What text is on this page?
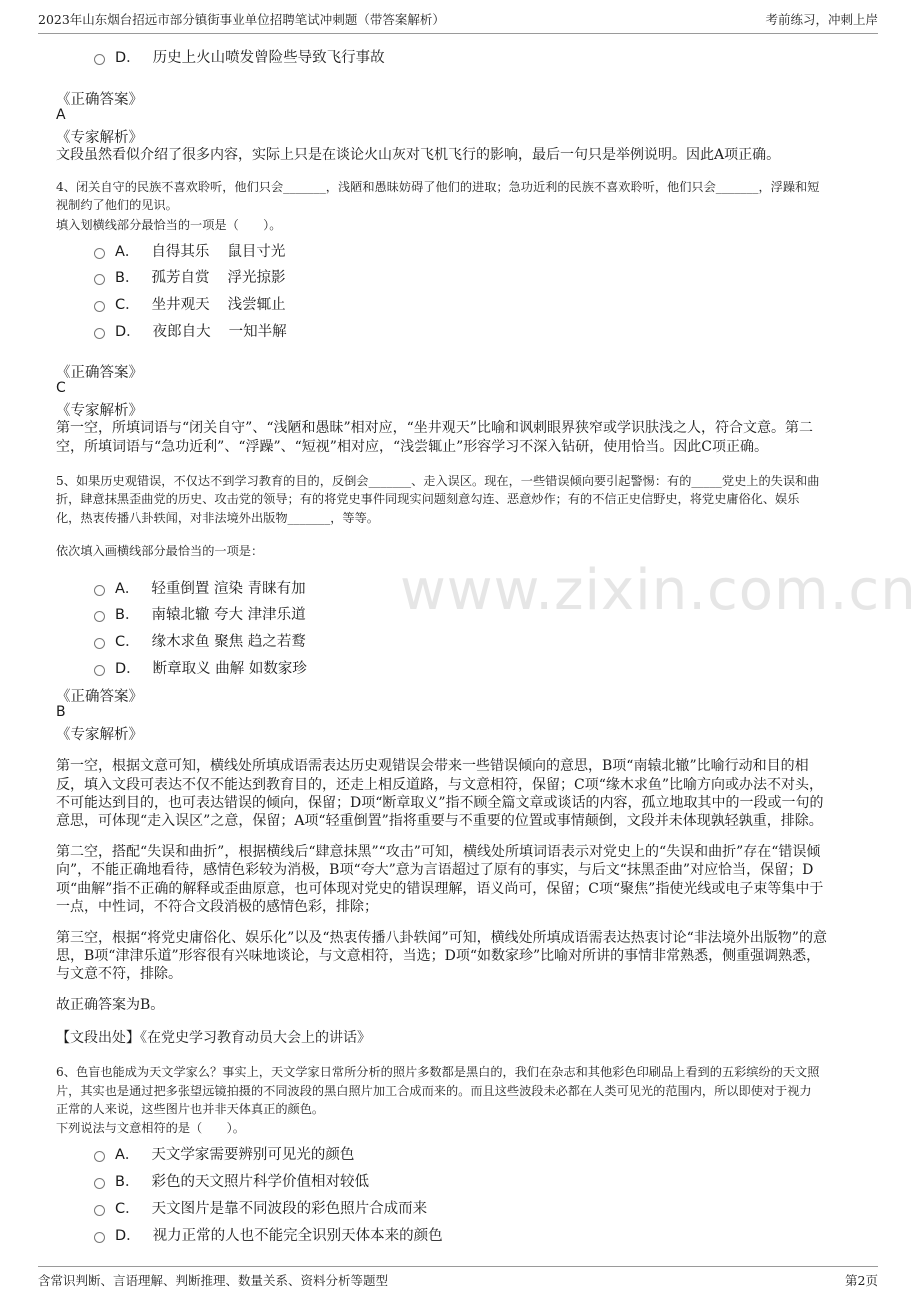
2023年山东烟台招远市部分镇街事业单位招聘笔试冲刺题（带答案解析）	考前练习，冲刺上岸
www.zixin.com.cn
D． 历史上火山喷发曾险些导致飞行事故
《正确答案》
A
《专家解析》
文段虽然看似介绍了很多内容，实际上只是在谈论火山灰对飞机飞行的影响，最后一句只是举例说明。因此A项正确。
4、闭关自守的民族不喜欢聆听，他们只会_______，浅陋和愚昧妨碍了他们的进取；急功近利的民族不喜欢聆听，他们只会_______，浮躁和短
视制约了他们的见识。
填入划横线部分最恰当的一项是（　　）。
A． 自得其乐 鼠目寸光
B． 孤芳自赏 浮光掠影
C． 坐井观天 浅尝辄止
D． 夜郎自大 一知半解
《正确答案》
C
《专家解析》
第一空，所填词语与“闭关自守”、“浅陋和愚昧”相对应，“坐井观天”比喻和讽刺眼界狭窄或学识肤浅之人，符合文意。第二
空，所填词语与“急功近利”、“浮躁”、“短视”相对应，“浅尝辄止”形容学习不深入钻研，使用恰当。因此C项正确。
5、如果历史观错误，不仅达不到学习教育的目的，反倒会_______、走入误区。现在，一些错误倾向要引起警惕：有的_____党史上的失误和曲
折，肆意抹黑歪曲党的历史、攻击党的领导；有的将党史事件同现实问题刻意勾连、恶意炒作；有的不信正史信野史，将党史庸俗化、娱乐
化，热衷传播八卦轶闻，对非法境外出版物_______，等等。
依次填入画横线部分最恰当的一项是：
A． 轻重倒置 渲染 青睐有加
B． 南辕北辙 夸大 津津乐道
C． 缘木求鱼 聚焦 趋之若鹜
D． 断章取义 曲解 如数家珍
《正确答案》
B
《专家解析》
第一空，根据文意可知，横线处所填成语需表达历史观错误会带来一些错误倾向的意思，B项“南辕北辙”比喻行动和目的相
反，填入文段可表达不仅不能达到教育目的，还走上相反道路，与文意相符，保留；C项“缘木求鱼”比喻方向或办法不对头，
不可能达到目的，也可表达错误的倾向，保留；D项“断章取义”指不顾全篇文章或谈话的内容，孤立地取其中的一段或一句的
意思，可体现“走入误区”之意，保留；A项“轻重倒置”指将重要与不重要的位置或事情颠倒，文段并未体现孰轻孰重，排除。
第二空，搭配“失误和曲折”，根据横线后“肆意抹黑”“攻击”可知，横线处所填词语表示对党史上的“失误和曲折”存在“错误倾
向”，不能正确地看待，感情色彩较为消极，B项“夸大”意为言语超过了原有的事实，与后文“抹黑歪曲”对应恰当，保留；D
项“曲解”指不正确的解释或歪曲原意，也可体现对党史的错误理解，语义尚可，保留；C项“聚焦”指使光线或电子束等集中于
一点，中性词，不符合文段消极的感情色彩，排除；
第三空，根据“将党史庸俗化、娱乐化”以及“热衷传播八卦轶闻”可知，横线处所填成语需表达热衷讨论“非法境外出版物”的意
思，B项“津津乐道”形容很有兴味地谈论，与文意相符，当选；D项“如数家珍”比喻对所讲的事情非常熟悉，侧重强调熟悉，
与文意不符，排除。
故正确答案为B。
【文段出处】《在党史学习教育动员大会上的讲话》
6、色盲也能成为天文学家么？事实上，天文学家日常所分析的照片多数都是黑白的，我们在杂志和其他彩色印刷品上看到的五彩缤纷的天文照
片，其实也是通过把多张望远镜拍摄的不同波段的黑白照片加工合成而来的。而且这些波段未必都在人类可见光的范围内，所以即使对于视力
正常的人来说，这些图片也并非天体真正的颜色。
下列说法与文意相符的是（　　）。
A． 天文学家需要辨别可见光的颜色
B． 彩色的天文照片科学价值相对较低
C． 天文图片是靠不同波段的彩色照片合成而来
D． 视力正常的人也不能完全识别天体本来的颜色
含常识判断、言语理解、判断推理、数量关系、资料分析等题型	第2页
